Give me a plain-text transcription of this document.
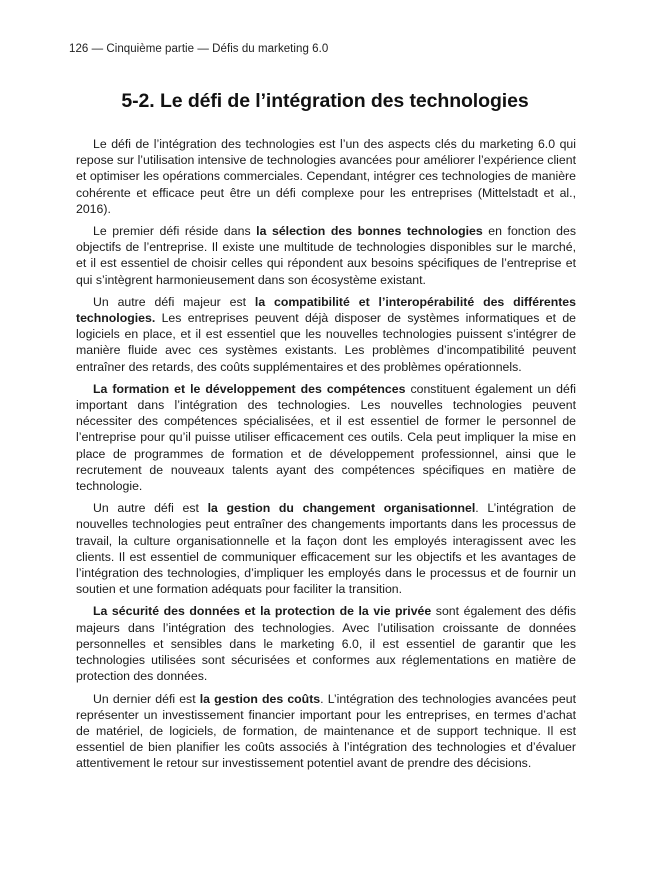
126 — Cinquième partie — Défis du marketing 6.0
5-2. Le défi de l’intégration des technologies

Le défi de l’intégration des technologies est l’un des aspects clés du marketing 6.0 qui repose sur l’utilisation intensive de technologies avancées pour améliorer l’expérience client et optimiser les opérations commerciales. Cependant, intégrer ces technologies de manière cohérente et efficace peut être un défi complexe pour les entreprises (Mittelstadt et al., 2016).

Le premier défi réside dans la sélection des bonnes technologies en fonction des objectifs de l’entreprise. Il existe une multitude de technologies disponibles sur le marché, et il est essentiel de choisir celles qui répondent aux besoins spécifiques de l’entreprise et qui s’intègrent harmonieusement dans son écosystème existant.

Un autre défi majeur est la compatibilité et l’interopérabilité des différentes technologies. Les entreprises peuvent déjà disposer de systèmes informatiques et de logiciels en place, et il est essentiel que les nouvelles technologies puissent s’intégrer de manière fluide avec ces systèmes existants. Les problèmes d’incompatibilité peuvent entraîner des retards, des coûts supplémentaires et des problèmes opérationnels.

La formation et le développement des compétences constituent également un défi important dans l’intégration des technologies. Les nouvelles technologies peuvent nécessiter des compétences spécialisées, et il est essentiel de former le personnel de l’entreprise pour qu’il puisse utiliser efficacement ces outils. Cela peut impliquer la mise en place de programmes de formation et de développement professionnel, ainsi que le recrutement de nouveaux talents ayant des compétences spécifiques en matière de technologie.

Un autre défi est la gestion du changement organisationnel. L’intégration de nouvelles technologies peut entraîner des changements importants dans les processus de travail, la culture organisationnelle et la façon dont les employés interagissent avec les clients. Il est essentiel de communiquer efficacement sur les objectifs et les avantages de l’intégration des technologies, d’impliquer les employés dans le processus et de fournir un soutien et une formation adéquats pour faciliter la transition.

La sécurité des données et la protection de la vie privée sont également des défis majeurs dans l’intégration des technologies. Avec l’utilisation croissante de données personnelles et sensibles dans le marketing 6.0, il est essentiel de garantir que les technologies utilisées sont sécurisées et conformes aux réglementations en matière de protection des données.

Un dernier défi est la gestion des coûts. L’intégration des technologies avancées peut représenter un investissement financier important pour les entreprises, en termes d’achat de matériel, de logiciels, de formation, de maintenance et de support technique. Il est essentiel de bien planifier les coûts associés à l’intégration des technologies et d’évaluer attentivement le retour sur investissement potentiel avant de prendre des décisions.
